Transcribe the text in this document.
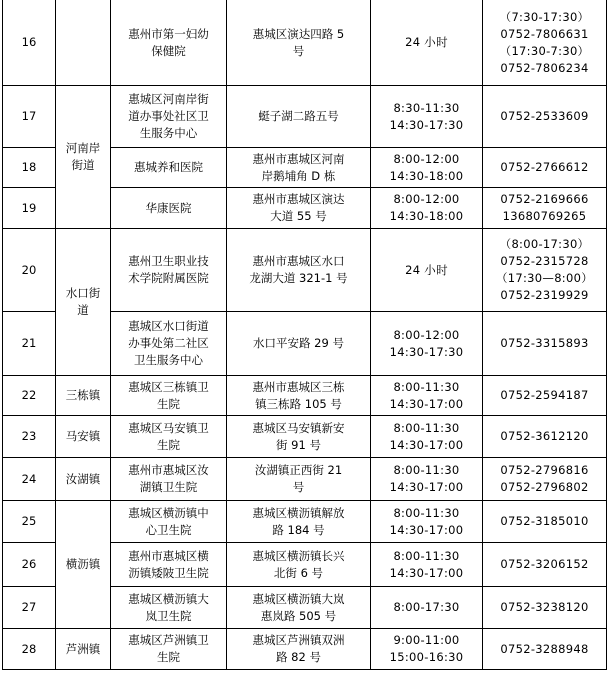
16		惠州市第一妇幼
保健院	惠城区演达四路 5
号	24 小时	（7:30-17:30）
0752-7806631
（17:30-7:30）
0752-7806234
17	河南岸
街道	惠城区河南岸街
道办事处社区卫
生服务中心	蜓子湖二路五号	8:30-11:30
14:30-17:30	0752-2533609
18		惠城养和医院	惠州市惠城区河南
岸鹅埔角 D 栋	8:00-12:00
14:30-18:00	0752-2766612
19		华康医院	惠州市惠城区演达
大道 55 号	8:00-12:00
14:30-18:00	0752-2169666
13680769265
20	水口街
道	惠州卫生职业技
术学院附属医院	惠州市惠城区水口
龙湖大道 321-1 号	24 小时	（8:00-17:30）
0752-2315728
（17:30—8:00）
0752-2319929
21		惠城区水口街道
办事处第二社区
卫生服务中心	水口平安路 29 号	8:00-12:00
14:30-17:30	0752-3315893
22	三栋镇	惠城区三栋镇卫
生院	惠州市惠城区三栋
镇三栋路 105 号	8:00-11:30
14:30-17:00	0752-2594187
23	马安镇	惠城区马安镇卫
生院	惠城区马安镇新安
街 91 号	8:00-11:30
14:30-17:00	0752-3612120
24	汝湖镇	惠州市惠城区汝
湖镇卫生院	汝湖镇正西街 21
号	8:00-11:30
14:30-17:00	0752-2796816
0752-2796802
25	横沥镇	惠城区横沥镇中
心卫生院	惠城区横沥镇解放
路 184 号	8:00-11:30
14:30-17:00	0752-3185010
26		惠州市惠城区横
沥镇矮陂卫生院	惠城区横沥镇长兴
北街 6 号	8:00-11:30
14:30-17:00	0752-3206152
27		惠城区横沥镇大
岚卫生院	惠城区横沥镇大岚
惠岚路 505 号	8:00-17:30	0752-3238120
28	芦洲镇	惠城区芦洲镇卫
生院	惠城区芦洲镇双洲
路 82 号	9:00-11:00
15:00-16:30	0752-3288948
